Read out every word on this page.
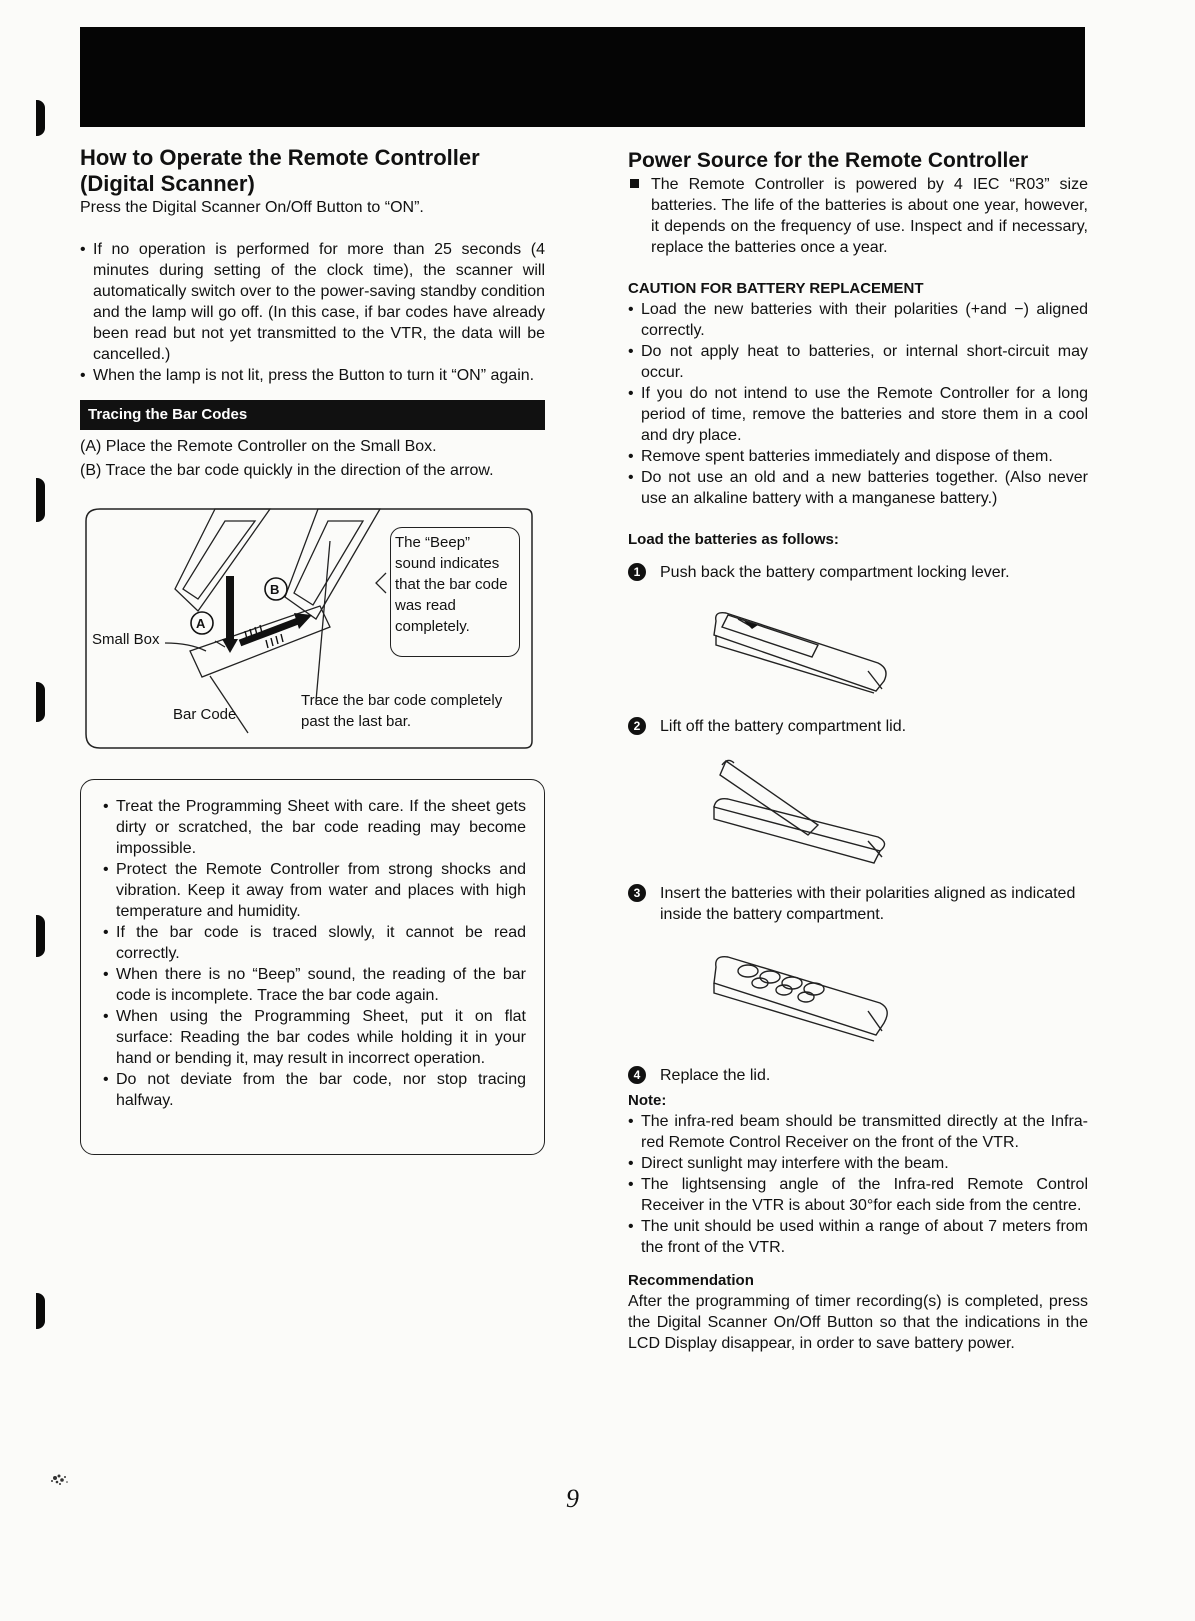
How to Operate the Remote Controller (Digital Scanner)

Press the Digital Scanner On/Off Button to “ON”.

• If no operation is performed for more than 25 seconds (4 minutes during setting of the clock time), the scanner will automatically switch over to the power-saving standby condition and the lamp will go off. (In this case, if bar codes have already been read but not yet transmitted to the VTR, the data will be cancelled.)
• When the lamp is not lit, press the Button to turn it “ON” again.
Tracing the Bar Codes
(A) Place the Remote Controller on the Small Box.
(B) Trace the bar code quickly in the direction of the arrow.
A
B
The “Beep” sound indicates that the bar code was read completely.
Small Box
Bar Code
Trace the bar code completely past the last bar.
• Treat the Programming Sheet with care. If the sheet gets dirty or scratched, the bar code reading may become impossible.
• Protect the Remote Controller from strong shocks and vibration. Keep it away from water and places with high temperature and humidity.
• If the bar code is traced slowly, it cannot be read correctly.
• When there is no “Beep” sound, the reading of the bar code is incomplete. Trace the bar code again.
• When using the Programming Sheet, put it on flat surface: Reading the bar codes while holding it in your hand or bending it, may result in incorrect operation.
• Do not deviate from the bar code, nor stop tracing halfway.
Power Source for the Remote Controller
The Remote Controller is powered by 4 IEC “R03” size batteries. The life of the batteries is about one year, however, it depends on the frequency of use. Inspect and if necessary, replace the batteries once a year.
CAUTION FOR BATTERY REPLACEMENT
• Load the new batteries with their polarities (+and −) aligned correctly.
• Do not apply heat to batteries, or internal short-circuit may occur.
• If you do not intend to use the Remote Controller for a long period of time, remove the batteries and store them in a cool and dry place.
• Remove spent batteries immediately and dispose of them.
• Do not use an old and a new batteries together. (Also never use an alkaline battery with a manganese battery.)
Load the batteries as follows:
1	Push back the battery compartment locking lever.
2	Lift off the battery compartment lid.
3	Insert the batteries with their polarities aligned as indicated inside the battery compartment.
4	Replace the lid.
Note:
• The infra-red beam should be transmitted directly at the Infra-red Remote Control Receiver on the front of the VTR.
• Direct sunlight may interfere with the beam.
• The lightsensing angle of the Infra-red Remote Control Receiver in the VTR is about 30°for each side from the centre.
• The unit should be used within a range of about 7 meters from the front of the VTR.
Recommendation

After the programming of timer recording(s) is completed, press the Digital Scanner On/Off Button so that the indications in the LCD Display disappear, in order to save battery power.

9
